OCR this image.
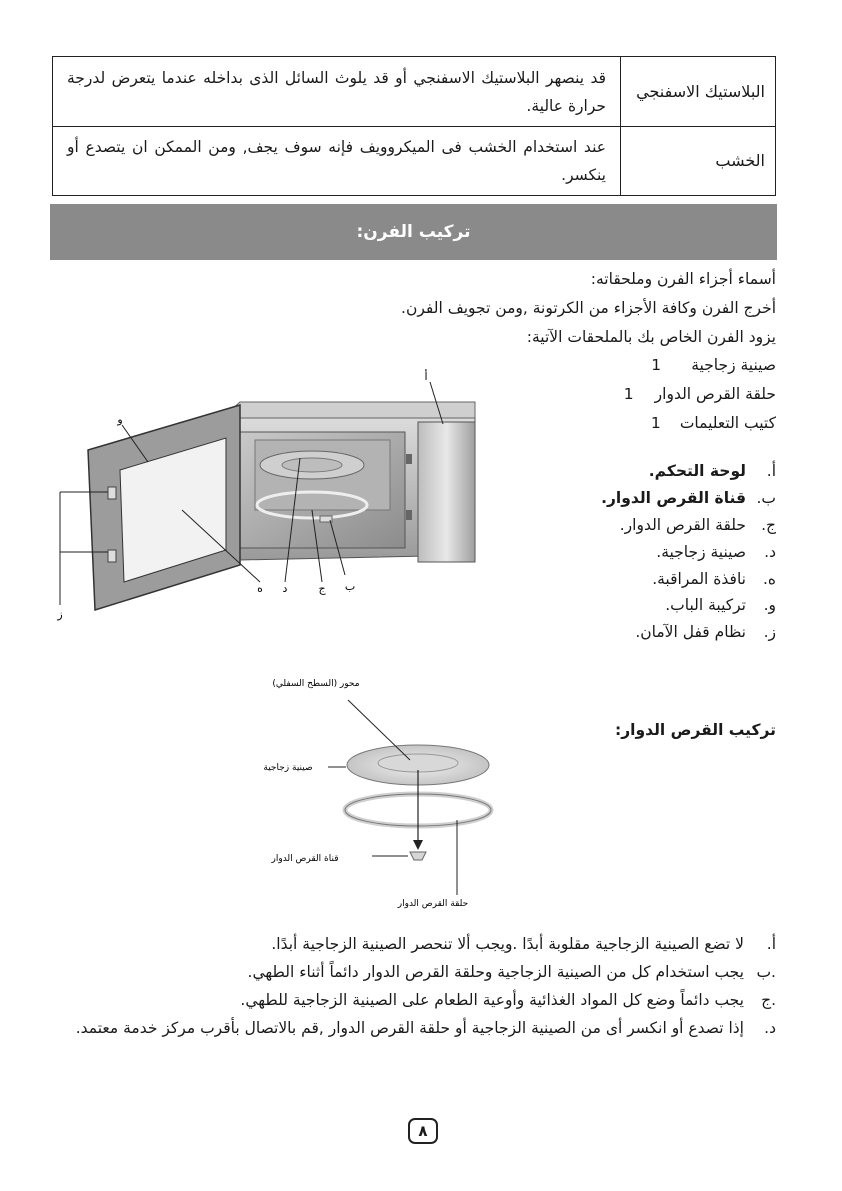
البلاستيك الاسفنجي	قد ينصهر البلاستيك الاسفنجي أو قد يلوث السائل الذى بداخله عندما يتعرض لدرجة حرارة عالية.
الخشب	عند استخدام الخشب فى الميكروويف فإنه سوف يجف, ومن الممكن ان يتصدع أو ينكسر.
تركيب الفرن:
أسماء أجزاء الفرن وملحقاته:
أخرج الفرن وكافة الأجزاء من الكرتونة ,ومن تجويف الفرن.
يزود الفرن الخاص بك بالملحقات الآتية:
صينية زجاجية
1
حلقة القرص الدوار
1
كتيب التعليمات
1
أ.
لوحة التحكم.
ب.
قناة القرص الدوار.
ج.
حلقة القرص الدوار.
د.
صينية زجاجية.
ه.
نافذة المراقبة.
و.
تركيبة الباب.
ز.
نظام قفل الآمان.
أ
و
ه د	ج ب
ز
تركيب القرص الدوار:
محور (السطح السفلي)
صينية زجاجية
قناة القرص الدوار
حلقة القرص الدوار
أ.
لا تضع الصينية الزجاجية مقلوبة أبدًا .ويجب ألا تنحصر الصينية الزجاجية أبدًا.
.ب
يجب استخدام كل من الصينية الزجاجية وحلقة القرص الدوار دائماً أثناء الطهي.
.ج
يجب دائماً وضع كل المواد الغذائية وأوعية الطعام على الصينية الزجاجية للطهي.
د.
إذا تصدع أو انكسر أى من الصينية الزجاجية أو حلقة القرص الدوار ,قم بالاتصال بأقرب مركز خدمة معتمد.
٨
